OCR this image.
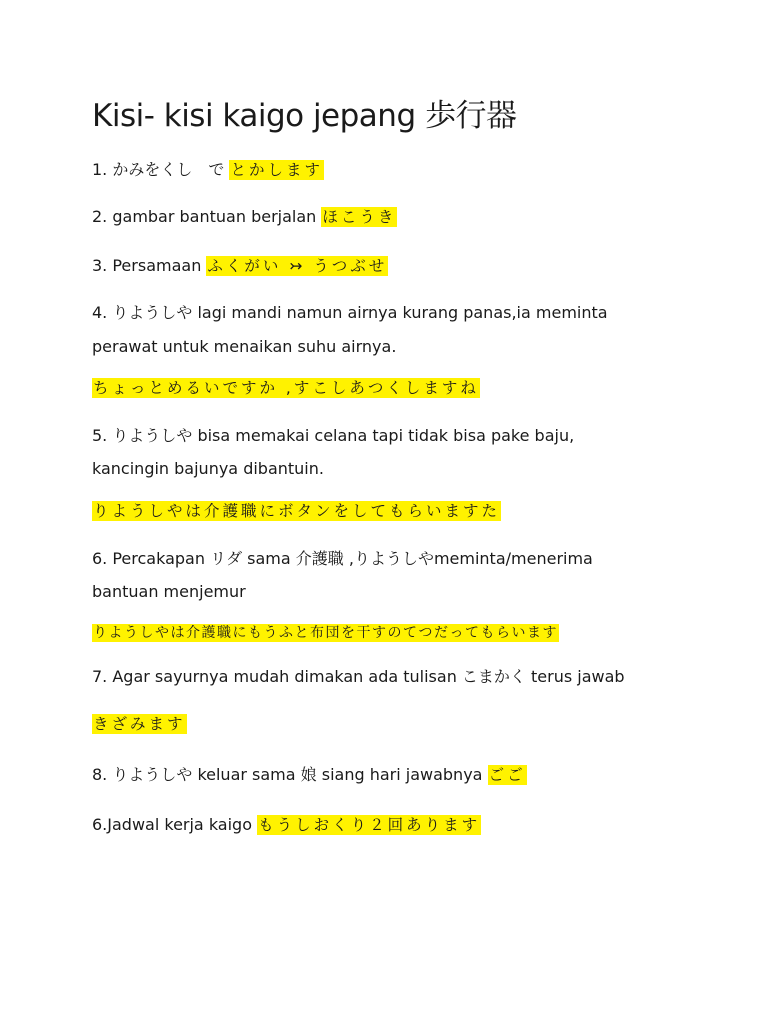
Kisi- kisi kaigo jepang 歩行器
1. かみをくし　で とかします
2. gambar bantuan berjalan ほこうき
3. Persamaan ふくがい ↣ うつぶせ
4. りようしや lagi mandi namun airnya kurang panas,ia meminta
perawat untuk menaikan suhu airnya.
ちょっとめるいですか ,すこしあつくしますね
5. りようしや bisa memakai celana tapi tidak bisa pake baju,
kancingin bajunya dibantuin.
りようしやは介護職にボタンをしてもらいますた
6. Percakapan リダ sama 介護職 ,りようしやmeminta/menerima
bantuan menjemur
りようしやは介護職にもうふと布団を干すのてつだってもらいます
7. Agar sayurnya mudah dimakan ada tulisan こまかく terus jawab
きざみます
8. りようしや keluar sama 娘 siang hari jawabnya ごご
6.Jadwal kerja kaigo もうしおくり２回あります
